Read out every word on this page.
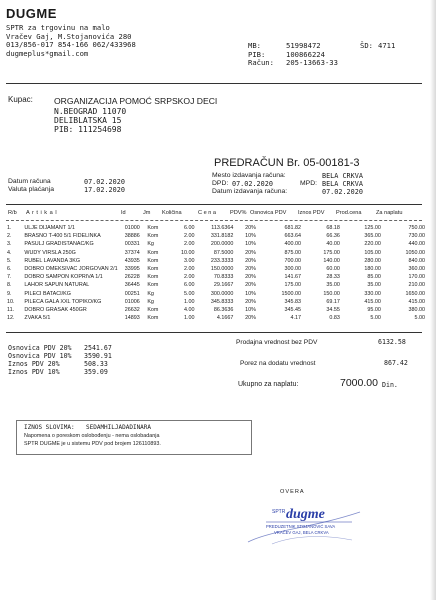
DUGME
SPTR za trgovinu na malo
Vračev Gaj, M.Stojanovića 280
013/856-017 854-166 062/433968
dugmeplus*gmail.com
MB:	51998472
PIB:	100866224
Račun: 205-13663-33
ŠD: 4711
Kupac: ORGANIZACIJA POMOĆ SRPSKOJ DECI
N.BEOGRAD 11070
DELIBLATSKA 15
PIB: 111254698
PREDRAČUN Br. 05-00181-3
Datum računa	07.02.2020
Valuta plaćanja	17.02.2020
Mesto izdavanja računa:	BELA CRKVA
DPD: 07.02.2020	MPD: BELA CRKVA
Datum izdavanja računa:	07.02.2020
R/b A r t i k a l	Id	Jm Količina	C e n a PDV% Osnovica PDV Iznos PDV Prod.cena	Za naplatu
1.	ULJE DIJAMANT 1/1	01000	Kom	6.00	113.6364	20%	681.82	68.18	125.00	750.00
2.	BRASNO T-400 5/1 FIDELINKA	38886	Kom	2.00	331.8182	10%	663.64	66.36	365.00	730.00
3.	PASULJ GRADISTANAC/KG	00331	Kg	2.00	200.0000	10%	400.00	40.00	220.00	440.00
4.	WUDY VIRSLA 250G	37374	Kom	10.00	87.5000	20%	875.00	175.00	105.00	1050.00
5.	RUBEL LAVANDA 3KG	43935	Kom	3.00	233.3333	20%	700.00	140.00	280.00	840.00
6.	DOBRO OMEKSIVAC JORGOVAN 2/1	33995	Kom	2.00	150.0000	20%	300.00	60.00	180.00	360.00
7.	DOBRO SAMPON KOPRIVA 1/1	26228	Kom	2.00	70.8333	20%	141.67	28.33	85.00	170.00
8.	LAHOR SAPUN NATURAL	36445	Kom	6.00	29.1667	20%	175.00	35.00	35.00	210.00
9.	PILECI BATACI/KG	00251	Kg	5.00	300.0000	10%	1500.00	150.00	330.00	1650.00
10.	PILECA GALA XXL TOPIKO/KG	01006	Kg	1.00	345.8333	20%	345.83	69.17	415.00	415.00
11.	DOBRO GRASAK 450GR	26632	Kom	4.00	86.3636	10%	345.45	34.55	95.00	380.00
12.	ZVAKA 5/1	14893	Kom	1.00	4.1667	20%	4.17	0.83	5.00	5.00
Osnovica PDV 20% 2541.67
Osnovica PDV 10% 3590.91
Iznos PDV 20%	508.33
Iznos PDV 10%	359.09
Prodajna vrednost bez PDV	6132.58
Porez na dodatu vrednost	867.42
Ukupno za naplatu:	7000.00 Din.
IZNOS SLOVIMA: SEDAMHILJADADINARA
Napomena o poreskom oslobođenju - nema oslobadanja
SPTR DUGME je u sistemu PDV pod brojem 126110893.
OVERA
SPTR dugme
PREDUZETNIK STOJANOVIĆ SAVA
VRAČEV GAJ, BELA CRKVA
